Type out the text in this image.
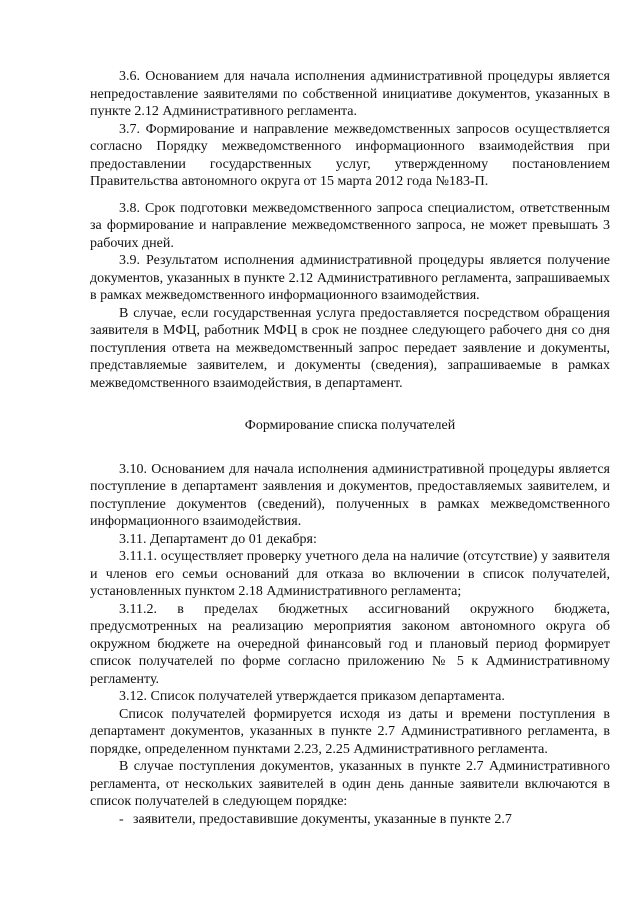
3.6. Основанием для начала исполнения административной процедуры является непредоставление заявителями по собственной инициативе документов, указанных в пункте 2.12 Административного регламента.

3.7. Формирование и направление межведомственных запросов осуществляется согласно Порядку межведомственного информационного взаимодействия при предоставлении государственных услуг, утвержденному постановлением Правительства автономного округа от 15 марта 2012 года №183-П.

3.8. Срок подготовки межведомственного запроса специалистом, ответственным за формирование и направление межведомственного запроса, не может превышать 3 рабочих дней.

3.9. Результатом исполнения административной процедуры является получение документов, указанных в пункте 2.12 Административного регламента, запрашиваемых в рамках межведомственного информационного взаимодействия.

В случае, если государственная услуга предоставляется посредством обращения заявителя в МФЦ, работник МФЦ в срок не позднее следующего рабочего дня со дня поступления ответа на межведомственный запрос передает заявление и документы, представляемые заявителем, и документы (сведения), запрашиваемые в рамках межведомственного взаимодействия, в департамент.

Формирование списка получателей

3.10. Основанием для начала исполнения административной процедуры является поступление в департамент заявления и документов, предоставляемых заявителем, и поступление документов (сведений), полученных в рамках межведомственного информационного взаимодействия.

3.11. Департамент до 01 декабря:

3.11.1. осуществляет проверку учетного дела на наличие (отсутствие) у заявителя и членов его семьи оснований для отказа во включении в список получателей, установленных пунктом 2.18 Административного регламента;

3.11.2. в пределах бюджетных ассигнований окружного бюджета, предусмотренных на реализацию мероприятия законом автономного округа об окружном бюджете на очередной финансовый год и плановый период формирует список получателей по форме согласно приложению № 5 к Административному регламенту.

3.12. Список получателей утверждается приказом департамента.

Список получателей формируется исходя из даты и времени поступления в департамент документов, указанных в пункте 2.7 Административного регламента, в порядке, определенном пунктами 2.23, 2.25 Административного регламента.

В случае поступления документов, указанных в пункте 2.7 Административного регламента, от нескольких заявителей в один день данные заявители включаются в список получателей в следующем порядке:

- заявители, предоставившие документы, указанные в пункте 2.7
